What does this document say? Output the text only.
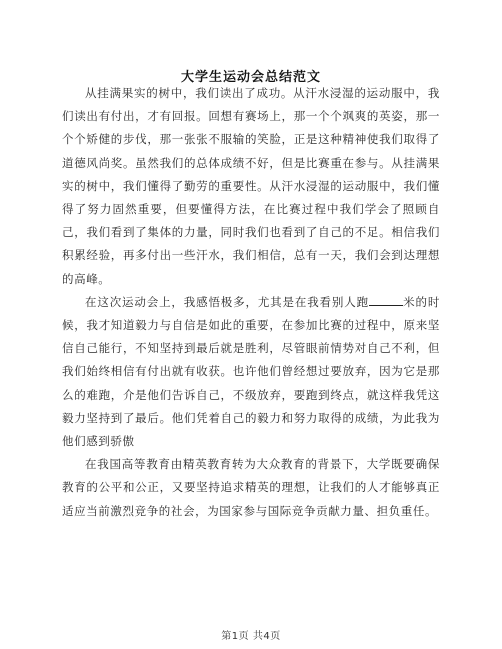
大学生运动会总结范文

从挂满果实的树中，我们读出了成功。从汗水浸湿的运动服中，我们读出有付出，才有回报。回想有赛场上，那一个个飒爽的英姿，那一个个矫健的步伐，那一张张不服输的笑脸，正是这种精神使我们取得了道德风尚奖。虽然我们的总体成绩不好，但是比赛重在参与。从挂满果实的树中，我们懂得了勤劳的重要性。从汗水浸湿的运动服中，我们懂得了努力固然重要，但要懂得方法，在比赛过程中我们学会了照顾自己，我们看到了集体的力量，同时我们也看到了自己的不足。相信我们积累经验，再多付出一些汗水，我们相信，总有一天，我们会到达理想的高峰。

在这次运动会上，我感悟极多，尤其是在我看别人跑	米的时候，我才知道毅力与自信是如此的重要，在参加比赛的过程中，原来坚信自己能行，不知坚持到最后就是胜利，尽管眼前情势对自己不利，但我们始终相信有付出就有收获。也许他们曾经想过要放弃，因为它是那么的难跑，介是他们告诉自己，不级放弃，要跑到终点，就这样我凭这毅力坚持到了最后。他们凭着自己的毅力和努力取得的成绩，为此我为他们感到骄傲

在我国高等教育由精英教育转为大众教育的背景下，大学既要确保教育的公平和公正，又要坚持追求精英的理想，让我们的人才能够真正适应当前激烈竞争的社会，为国家参与国际竞争贡献力量、担负重任。

第1页 共4页
